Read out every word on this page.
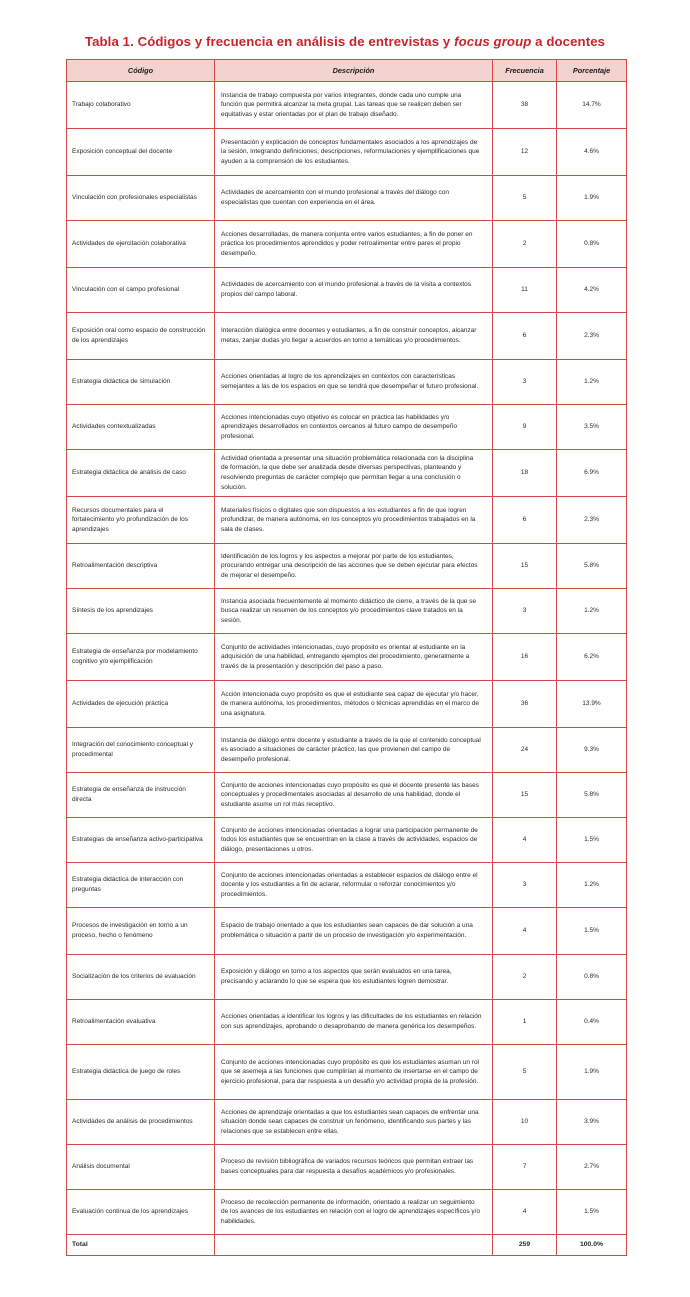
Tabla 1. Códigos y frecuencia en análisis de entrevistas y focus group a docentes
Código	Descripción	Frecuencia	Porcentaje
Trabajo colaborativo	Instancia de trabajo compuesta por varios integrantes, donde cada uno cumple una función que permitirá alcanzar la meta grupal. Las tareas que se realicen deben ser equitativas y estar orientadas por el plan de trabajo diseñado.	38	14.7%
Exposición conceptual del docente	Presentación y explicación de conceptos fundamentales asociados a los aprendizajes de la sesión, integrando definiciones, descripciones, reformulaciones y ejemplificaciones que ayuden a la comprensión de los estudiantes.	12	4.6%
Vinculación con profesionales especialistas	Actividades de acercamiento con el mundo profesional a través del diálogo con especialistas que cuentan con experiencia en el área.	5	1.9%
Actividades de ejercitación colaborativa	Acciones desarrolladas, de manera conjunta entre varios estudiantes, a fin de poner en práctica los procedimientos aprendidos y poder retroalimentar entre pares el propio desempeño.	2	0.8%
Vinculación con el campo profesional	Actividades de acercamiento con el mundo profesional a través de la visita a contextos propios del campo laboral.	11	4.2%
Exposición oral como espacio de construcción de los aprendizajes	Interacción dialógica entre docentes y estudiantes, a fin de construir conceptos, alcanzar metas, zanjar dudas y/o llegar a acuerdos en torno a temáticas y/o procedimientos.	6	2.3%
Estrategia didáctica de simulación	Acciones orientadas al logro de los aprendizajes en contextos con características semejantes a las de los espacios en que se tendrá que desempeñar el futuro profesional.	3	1.2%
Actividades contextualizadas	Acciones intencionadas cuyo objetivo es colocar en práctica las habilidades y/o aprendizajes desarrollados en contextos cercanos al futuro campo de desempeño profesional.	9	3.5%
Estrategia didáctica de análisis de caso	Actividad orientada a presentar una situación problemática relacionada con la disciplina de formación, la que debe ser analizada desde diversas perspectivas, planteando y resolviendo preguntas de carácter complejo que permitan llegar a una conclusión o solución.	18	6.9%
Recursos documentales para el fortalecimiento y/o profundización de los aprendizajes	Materiales físicos o digitales que son dispuestos a los estudiantes a fin de que logren profundizar, de manera autónoma, en los conceptos y/o procedimientos trabajados en la sala de clases.	6	2.3%
Retroalimentación descriptiva	Identificación de los logros y los aspectos a mejorar por parte de los estudiantes, procurando entregar una descripción de las acciones que se deben ejecutar para efectos de mejorar el desempeño.	15	5.8%
Síntesis de los aprendizajes	Instancia asociada frecuentemente al momento didáctico de cierre, a través de la que se busca realizar un resumen de los conceptos y/o procedimientos clave tratados en la sesión.	3	1.2%
Estrategia de enseñanza por modelamiento cognitivo y/o ejemplificación	Conjunto de actividades intencionadas, cuyo propósito es orientar al estudiante en la adquisición de una habilidad, entregando ejemplos del procedimiento, generalmente a través de la presentación y descripción del paso a paso.	16	6.2%
Actividades de ejecución práctica	Acción intencionada cuyo propósito es que el estudiante sea capaz de ejecutar y/o hacer, de manera autónoma, los procedimientos, métodos o técnicas aprendidas en el marco de una asignatura.	36	13.9%
Integración del conocimiento conceptual y procedimental	Instancia de diálogo entre docente y estudiante a través de la que el contenido conceptual es asociado a situaciones de carácter práctico, las que provienen del campo de desempeño profesional.	24	9.3%
Estrategia de enseñanza de instrucción directa	Conjunto de acciones intencionadas cuyo propósito es que el docente presente las bases conceptuales y procedimentales asociadas al desarrollo de una habilidad, donde el estudiante asume un rol más receptivo.	15	5.8%
Estrategias de enseñanza activo-participativa	Conjunto de acciones intencionadas orientadas a lograr una participación permanente de todos los estudiantes que se encuentran en la clase a través de actividades, espacios de diálogo, presentaciones u otros.	4	1.5%
Estrategia didáctica de interacción con preguntas	Conjunto de acciones intencionadas orientadas a establecer espacios de diálogo entre el docente y los estudiantes a fin de aclarar, reformular o reforzar conocimientos y/o procedimientos.	3	1.2%
Procesos de investigación en torno a un proceso, hecho o fenómeno	Espacio de trabajo orientado a que los estudiantes sean capaces de dar solución a una problemática o situación a partir de un proceso de investigación y/o experimentación.	4	1.5%
Socialización de los criterios de evaluación	Exposición y diálogo en torno a los aspectos que serán evaluados en una tarea, precisando y aclarando lo que se espera que los estudiantes logren demostrar.	2	0.8%
Retroalimentación evaluativa	Acciones orientadas a identificar los logros y las dificultades de los estudiantes en relación con sus aprendizajes, aprobando o desaprobando de manera genérica los desempeños.	1	0.4%
Estrategia didáctica de juego de roles	Conjunto de acciones intencionadas cuyo propósito es que los estudiantes asuman un rol que se asemeja a las funciones que cumplirían al momento de insertarse en el campo de ejercicio profesional, para dar respuesta a un desafío y/o actividad propia de la profesión.	5	1.9%
Actividades de análisis de procedimientos	Acciones de aprendizaje orientadas a que los estudiantes sean capaces de enfrentar una situación donde sean capaces de construir un fenómeno, identificando sus partes y las relaciones que se establecen entre ellas.	10	3.9%
Análisis documental	Proceso de revisión bibliográfica de variados recursos teóricos que permitan extraer las bases conceptuales para dar respuesta a desafíos académicos y/o profesionales.	7	2.7%
Evaluación continua de los aprendizajes	Proceso de recolección permanente de información, orientado a realizar un seguimiento de los avances de los estudiantes en relación con el logro de aprendizajes específicos y/o habilidades.	4	1.5%
Total		259	100.0%
